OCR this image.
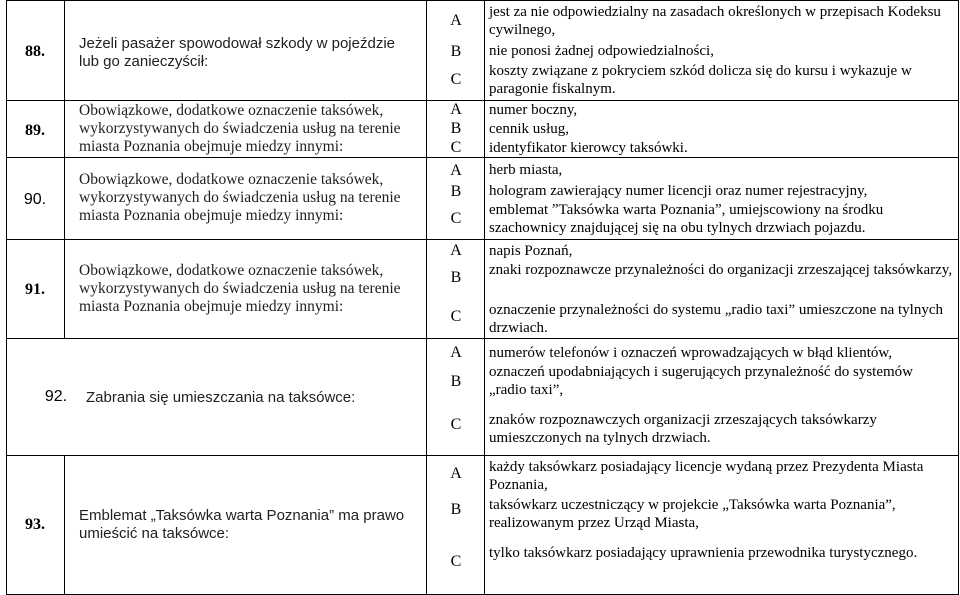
88.	Jeżeli pasażer spowodował szkody w pojeździe lub go zanieczyścił:
A
B
C
jest za nie odpowiedzialny na zasadach określonych w przepisach Kodeksu cywilnego,
nie ponosi żadnej odpowiedzialności,
koszty związane z pokryciem szkód dolicza się do kursu i wykazuje w paragonie fiskalnym.
89.
Obowiązkowe, dodatkowe oznaczenie taksówek, wykorzystywanych do świadczenia usług na terenie miasta Poznania obejmuje miedzy innymi:
A
B
C
numer boczny,
cennik usług,
identyfikator kierowcy taksówki.
90.
Obowiązkowe, dodatkowe oznaczenie taksówek, wykorzystywanych do świadczenia usług na terenie miasta Poznania obejmuje miedzy innymi:
A
B
C
herb miasta,
hologram zawierający numer licencji oraz numer rejestracyjny,
emblemat ˮTaksówka warta Poznaniaˮ, umiejscowiony na środku szachownicy znajdującej się na obu tylnych drzwiach pojazdu.
91.
Obowiązkowe, dodatkowe oznaczenie taksówek, wykorzystywanych do świadczenia usług na terenie miasta Poznania obejmuje miedzy innymi:
A
B
C
napis Poznań,
znaki rozpoznawcze przynależności do organizacji zrzeszającej taksówkarzy,
oznaczenie przynależności do systemu „radio taxi” umieszczone na tylnych drzwiach.
92.	Zabrania się umieszczania na taksówce:
A
B
C
numerów telefonów i oznaczeń wprowadzających w błąd klientów,
oznaczeń upodabniających i sugerujących przynależność do systemów „radio taxi”,
znaków rozpoznawczych organizacji zrzeszających taksówkarzy umieszczonych na tylnych drzwiach.
93.
Emblemat „Taksówka warta Poznania” ma prawo umieścić na taksówce:
A
B
C
każdy taksówkarz posiadający licencje wydaną przez Prezydenta Miasta Poznania,
taksówkarz uczestniczący w projekcie „Taksówka warta Poznania”, realizowanym przez Urząd Miasta,
tylko taksówkarz posiadający uprawnienia przewodnika turystycznego.
